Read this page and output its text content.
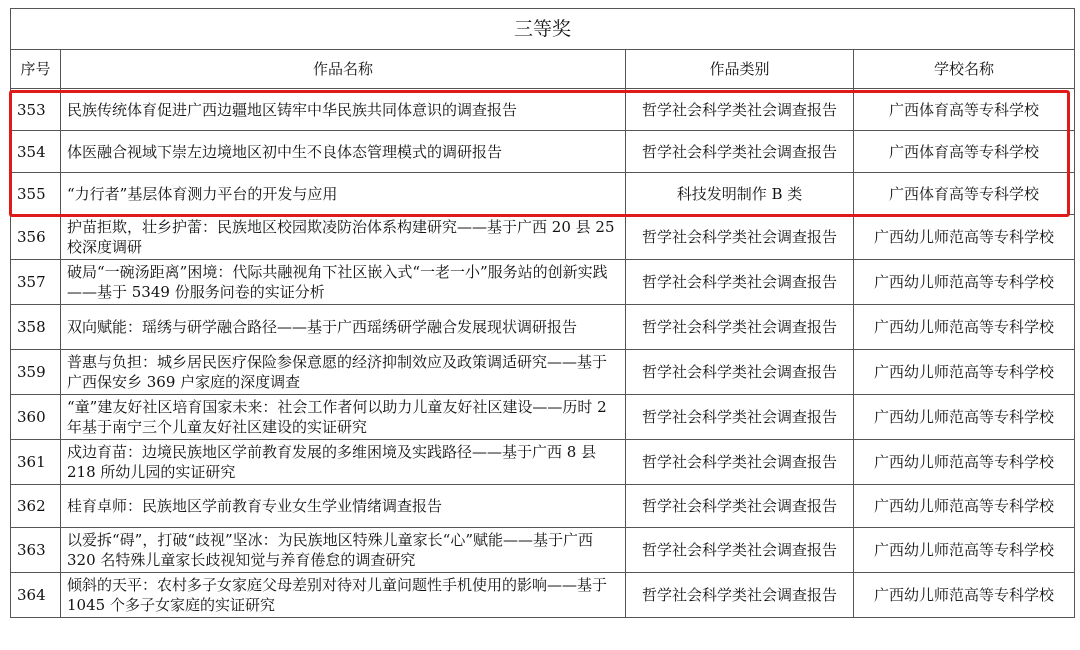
三等奖			
序号	作品名称	作品类别	学校名称
353	民族传统体育促进广西边疆地区铸牢中华民族共同体意识的调查报告	哲学社会科学类社会调查报告	广西体育高等专科学校
354	体医融合视域下崇左边境地区初中生不良体态管理模式的调研报告	哲学社会科学类社会调查报告	广西体育高等专科学校
355	“力行者”基层体育测力平台的开发与应用	科技发明制作 B 类	广西体育高等专科学校
356	护苗拒欺，壮乡护蕾：民族地区校园欺凌防治体系构建研究——基于广西 20 县 25 校深度调研	哲学社会科学类社会调查报告	广西幼儿师范高等专科学校
357	破局“一碗汤距离”困境：代际共融视角下社区嵌入式“一老一小”服务站的创新实践——基于 5349 份服务问卷的实证分析	哲学社会科学类社会调查报告	广西幼儿师范高等专科学校
358	双向赋能：瑶绣与研学融合路径——基于广西瑶绣研学融合发展现状调研报告	哲学社会科学类社会调查报告	广西幼儿师范高等专科学校
359	普惠与负担：城乡居民医疗保险参保意愿的经济抑制效应及政策调适研究——基于广西保安乡 369 户家庭的深度调查	哲学社会科学类社会调查报告	广西幼儿师范高等专科学校
360	“童”建友好社区培育国家未来：社会工作者何以助力儿童友好社区建设——历时 2 年基于南宁三个儿童友好社区建设的实证研究	哲学社会科学类社会调查报告	广西幼儿师范高等专科学校
361	戍边育苗：边境民族地区学前教育发展的多维困境及实践路径——基于广西 8 县 218 所幼儿园的实证研究	哲学社会科学类社会调查报告	广西幼儿师范高等专科学校
362	桂育卓师：民族地区学前教育专业女生学业情绪调查报告	哲学社会科学类社会调查报告	广西幼儿师范高等专科学校
363	以爱拆“碍”，打破“歧视”坚冰：为民族地区特殊儿童家长“心”赋能——基于广西 320 名特殊儿童家长歧视知觉与养育倦怠的调查研究	哲学社会科学类社会调查报告	广西幼儿师范高等专科学校
364	倾斜的天平：农村多子女家庭父母差别对待对儿童问题性手机使用的影响——基于 1045 个多子女家庭的实证研究	哲学社会科学类社会调查报告	广西幼儿师范高等专科学校
